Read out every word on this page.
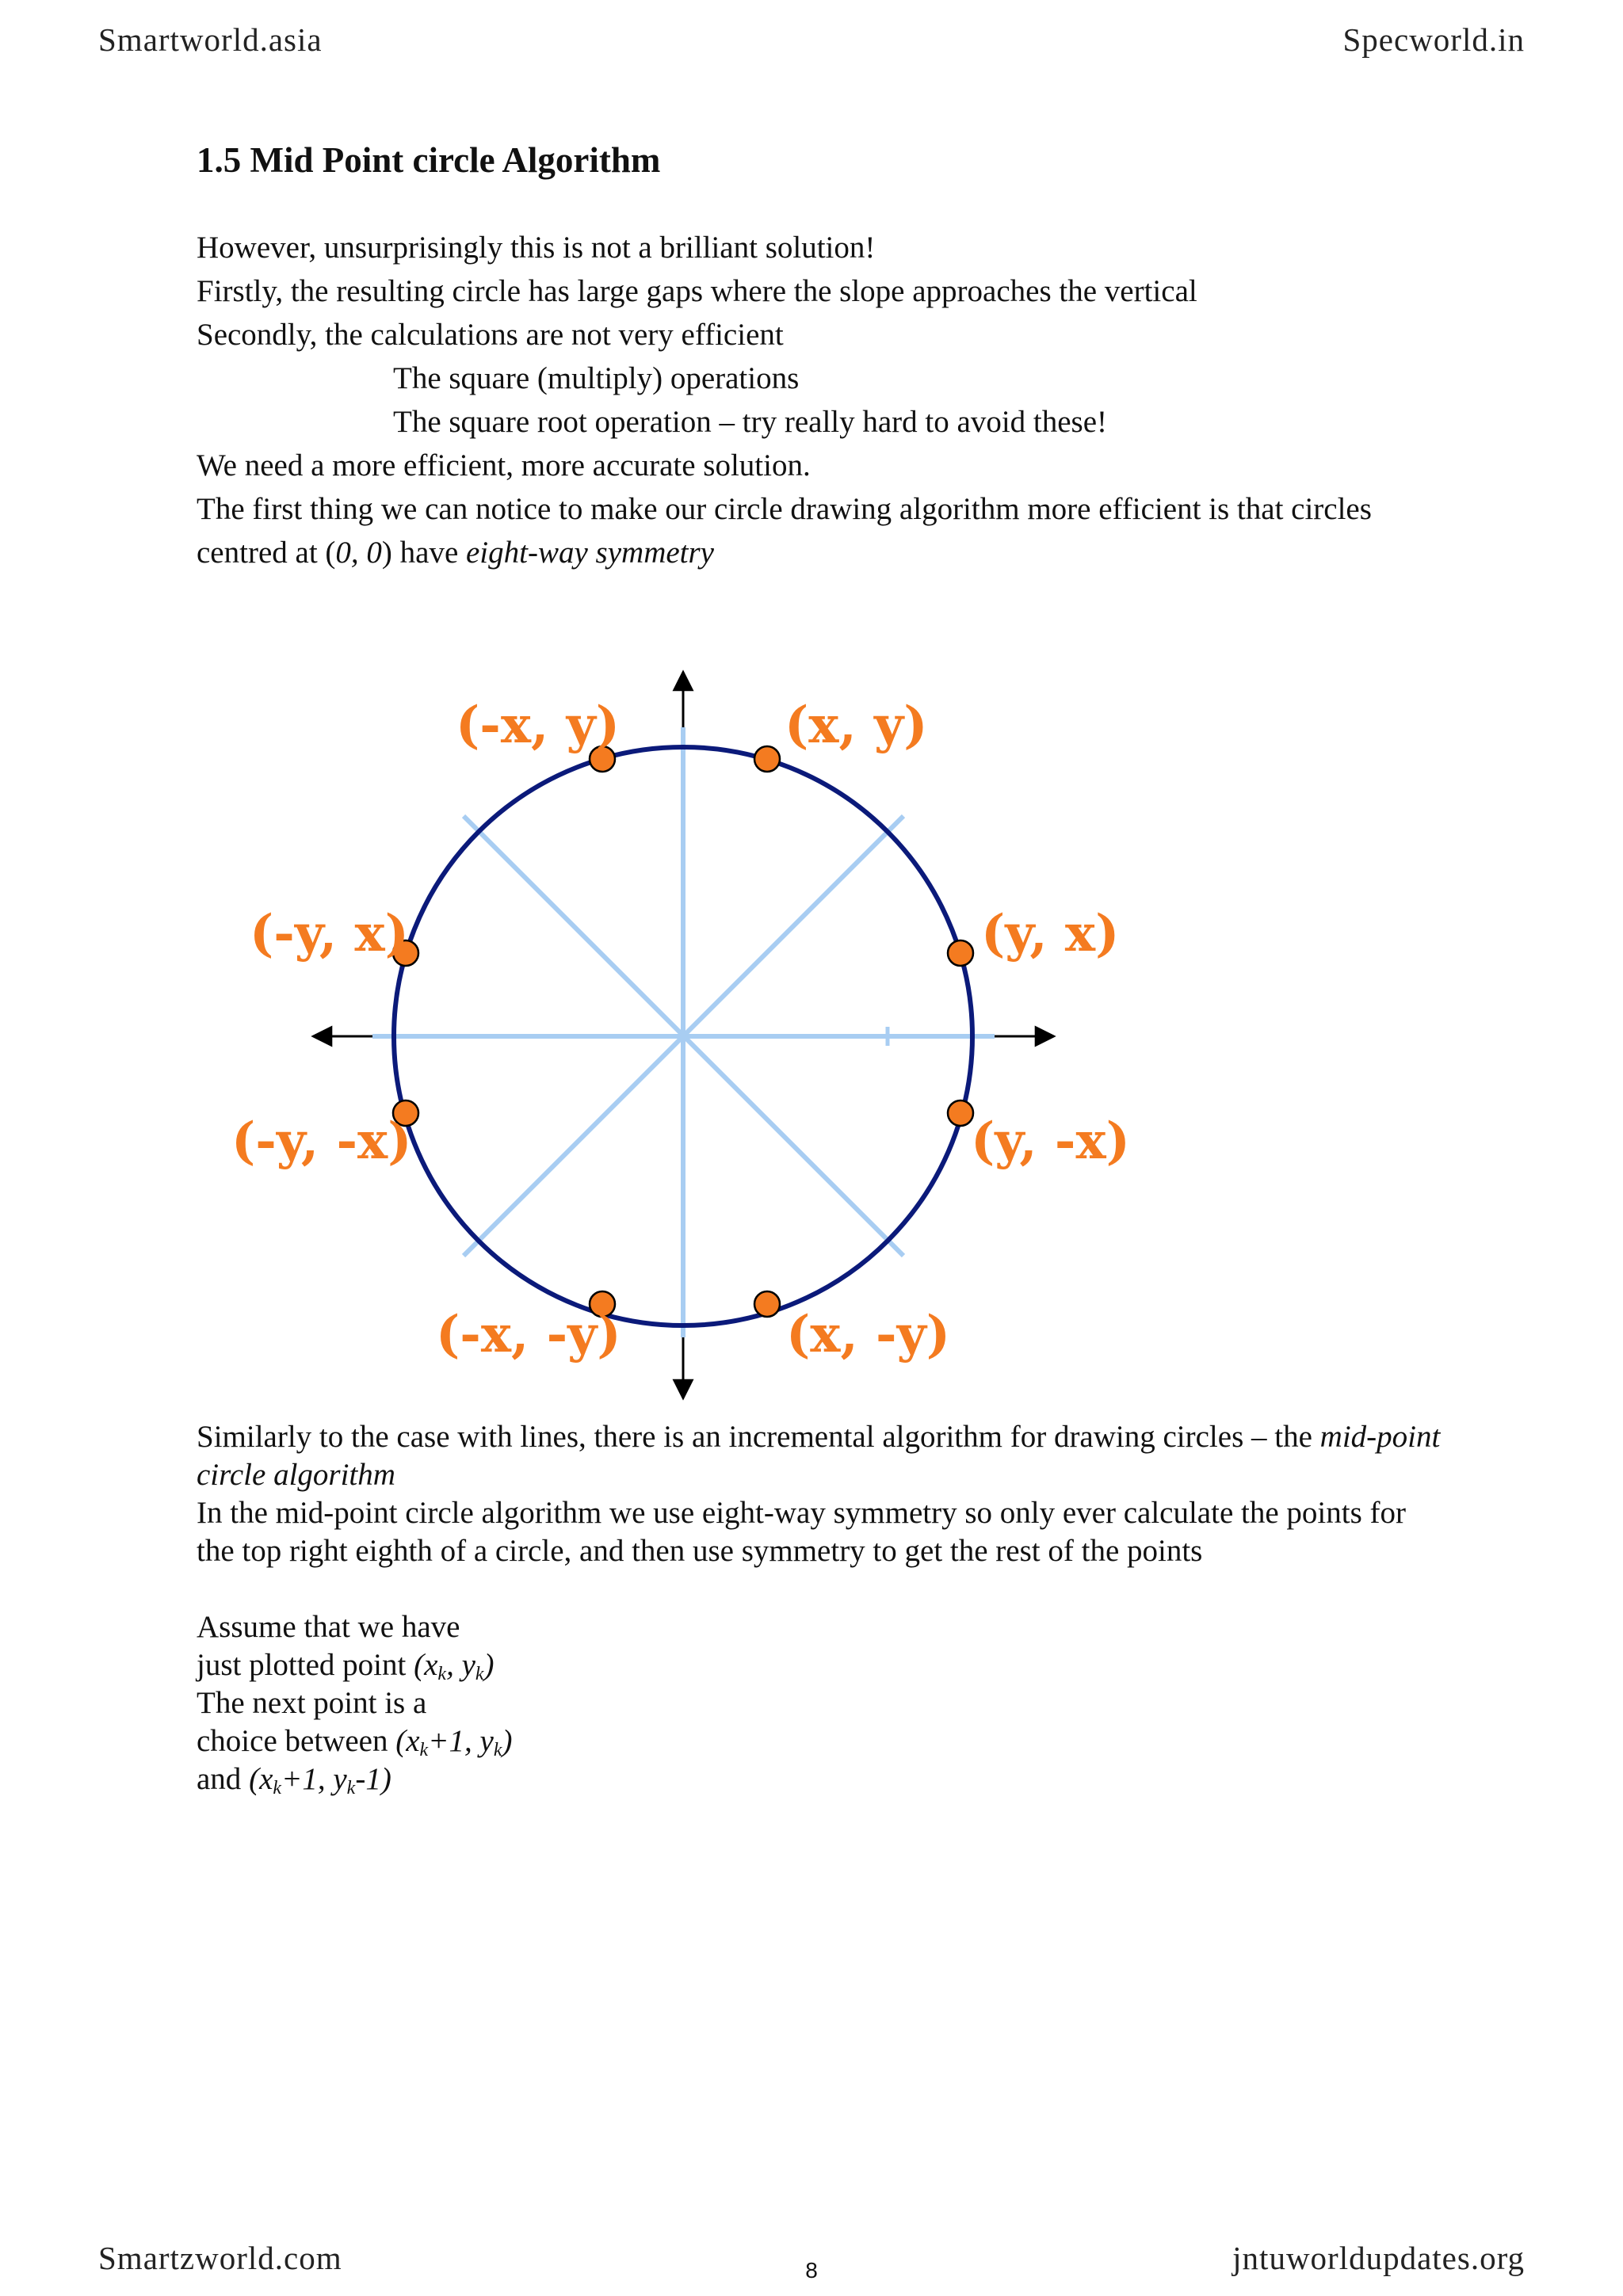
Smartworld.asia	Specworld.in
1.5 Mid Point circle Algorithm
However, unsurprisingly this is not a brilliant solution!
Firstly, the resulting circle has large gaps where the slope approaches the vertical
Secondly, the calculations are not very efficient
The square (multiply) operations
The square root operation – try really hard to avoid these!
We need a more efficient, more accurate solution.
The first thing we can notice to make our circle drawing algorithm more efficient is that circles
centred at (0, 0) have eight-way symmetry
(x, y)
(-x, y)
(-y, x)	(y, x)
(-y, -x)	(y, -x)
(-x, -y)	(x, -y)
Similarly to the case with lines, there is an incremental algorithm for drawing circles – the mid-point circle algorithm
In the mid-point circle algorithm we use eight-way symmetry so only ever calculate the points for the top right eighth of a circle, and then use symmetry to get the rest of the points
Assume that we have
just plotted point ($x_k$, $y_k$)
The next point is a
choice between ($x_k+1$, $y_k$)
and ($x_k+1$, $y_k-1$)
Smartzworld.com	8	jntuworldupdates.org
